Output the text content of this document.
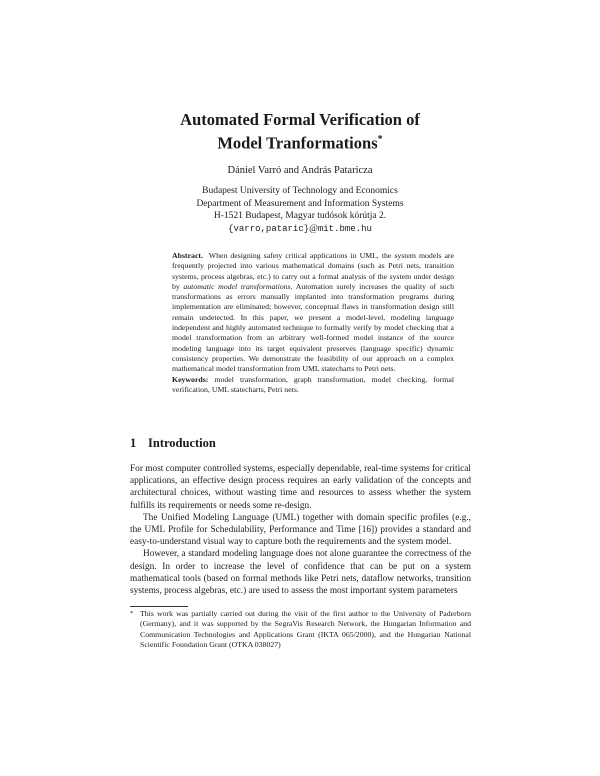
Automated Formal Verification of
Model Tranformations*
Dániel Varró and András Pataricza
Budapest University of Technology and Economics
Department of Measurement and Information Systems
H-1521 Budapest, Magyar tudósok körútja 2.
{varro,pataric}@mit.bme.hu

Abstract. When designing safety critical applications in UML, the system models are frequently projected into various mathematical domains (such as Petri nets, transition systems, process algebras, etc.) to carry out a formal analysis of the system under design by automatic model transformations. Automation surely increases the quality of such transformations as errors manually implanted into transformation programs during implementation are eliminated; however, conceptual flaws in transformation design still remain undetected. In this paper, we present a model-level, modeling language independent and highly automated technique to formally verify by model checking that a model transformation from an arbitrary well-formed model instance of the source modeling language into its target equivalent preserves (language specific) dynamic consistency properties. We demonstrate the feasibility of our approach on a complex mathematical model transformation from UML statecharts to Petri nets.

Keywords: model transformation, graph transformation, model checking, formal verification, UML statecharts, Petri nets.

1 Introduction

For most computer controlled systems, especially dependable, real-time systems for critical applications, an effective design process requires an early validation of the concepts and architectural choices, without wasting time and resources to assess whether the system fulfills its requirements or needs some re-design.

The Unified Modeling Language (UML) together with domain specific profiles (e.g., the UML Profile for Schedulability, Performance and Time [16]) provides a standard and easy-to-understand visual way to capture both the requirements and the system model.

However, a standard modeling language does not alone guarantee the correctness of the design. In order to increase the level of confidence that can be put on a system mathematical tools (based on formal methods like Petri nets, dataflow networks, transition systems, process algebras, etc.) are used to assess the most important system parameters

* This work was partially carried out during the visit of the first author to the University of Paderborn (Germany), and it was supported by the SegraVis Research Network, the Hungarian Information and Communication Technologies and Applications Grant (IKTA 065/2000), and the Hungarian National Scientific Foundation Grant (OTKA 038027)
